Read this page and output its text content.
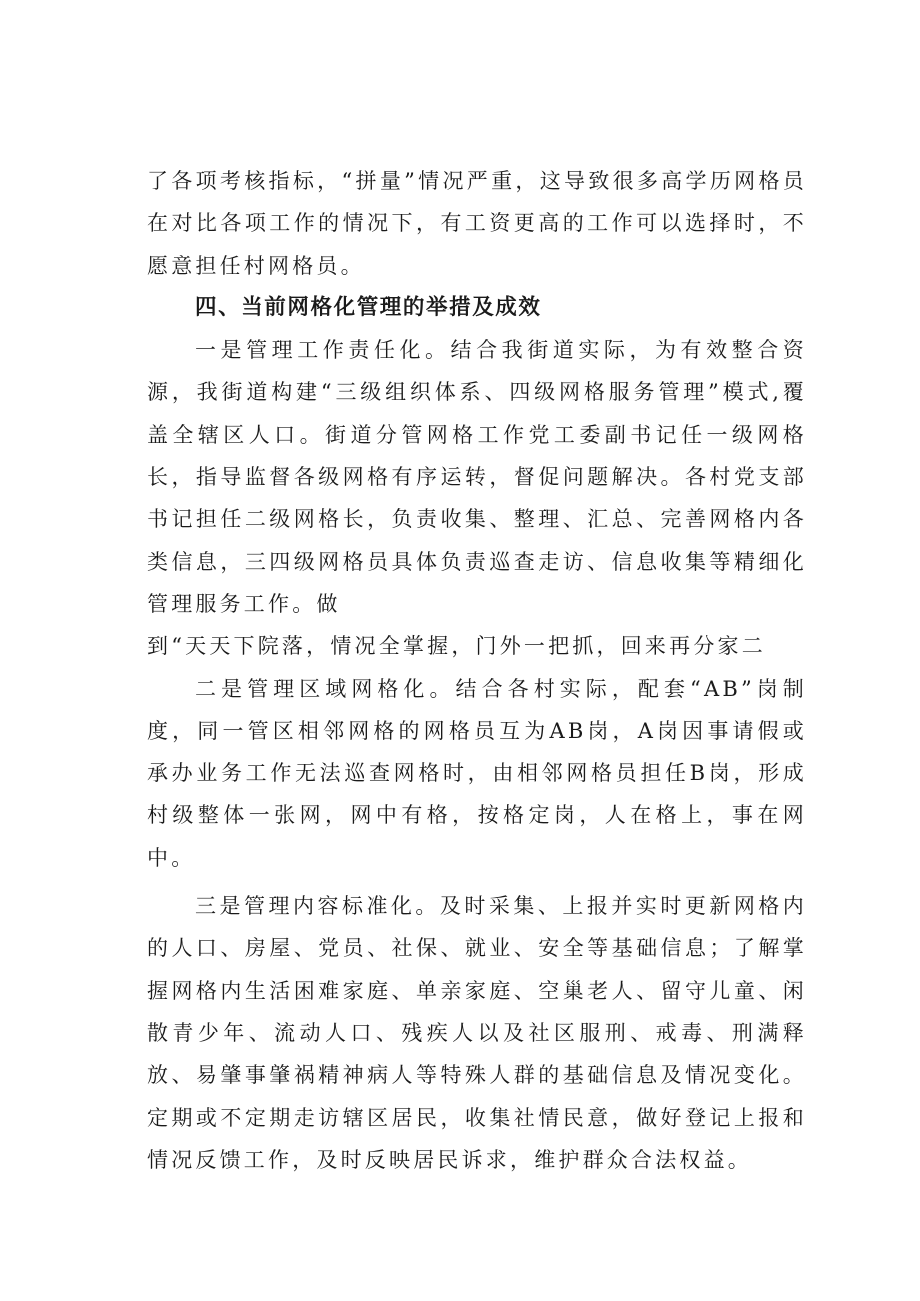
了各项考核指标，“拼量”情况严重，这导致很多高学历网格员在对比各项工作的情况下，有工资更高的工作可以选择时，不愿意担任村网格员。

四、当前网格化管理的举措及成效

一是管理工作责任化。结合我街道实际，为有效整合资源，我街道构建“三级组织体系、四级网格服务管理”模式,覆盖全辖区人口。街道分管网格工作党工委副书记任一级网格长，指导监督各级网格有序运转，督促问题解决。各村党支部书记担任二级网格长，负责收集、整理、汇总、完善网格内各类信息，三四级网格员具体负责巡查走访、信息收集等精细化管理服务工作。做

到“天天下院落，情况全掌握，门外一把抓，回来再分家二

二是管理区域网格化。结合各村实际，配套“AB”岗制度，同一管区相邻网格的网格员互为AB岗，A岗因事请假或承办业务工作无法巡查网格时，由相邻网格员担任B岗，形成村级整体一张网，网中有格，按格定岗，人在格上，事在网中。

三是管理内容标准化。及时采集、上报并实时更新网格内的人口、房屋、党员、社保、就业、安全等基础信息；了解掌握网格内生活困难家庭、单亲家庭、空巢老人、留守儿童、闲散青少年、流动人口、残疾人以及社区服刑、戒毒、刑满释放、易肇事肇祸精神病人等特殊人群的基础信息及情况变化。定期或不定期走访辖区居民，收集社情民意，做好登记上报和情况反馈工作，及时反映居民诉求，维护群众合法权益。
